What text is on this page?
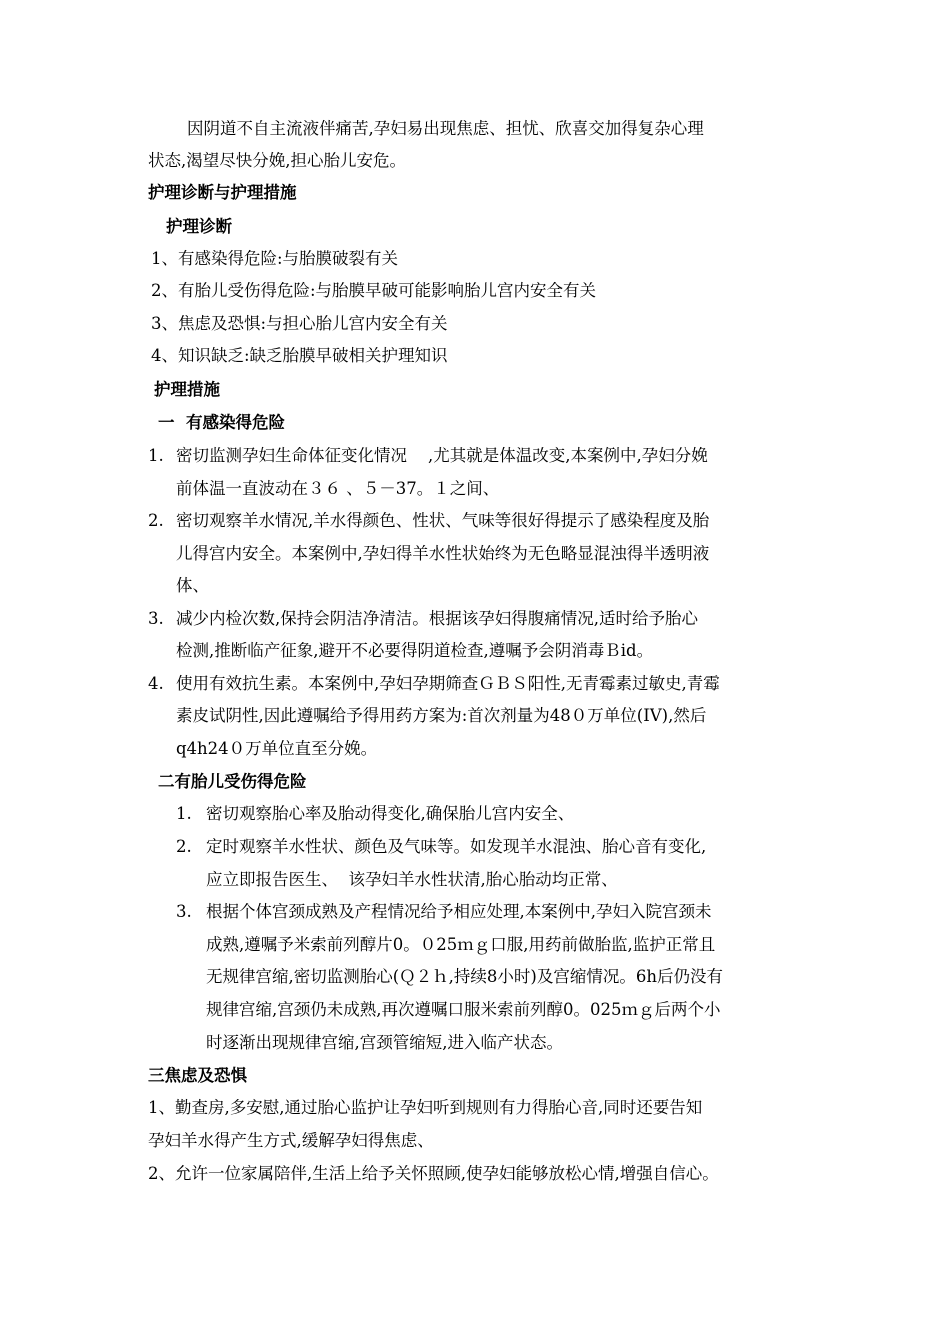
因阴道不自主流液伴痛苦,孕妇易出现焦虑、担忧、欣喜交加得复杂心理
状态,渴望尽快分娩,担心胎儿安危。
护理诊断与护理措施
护理诊断
1、有感染得危险:与胎膜破裂有关
2、有胎儿受伤得危险:与胎膜早破可能影响胎儿宫内安全有关
3、焦虑及恐惧:与担心胎儿宫内安全有关
4、知识缺乏:缺乏胎膜早破相关护理知识
护理措施
一  有感染得危险
1. 密切监测孕妇生命体征变化情况    ,尤其就是体温改变,本案例中,孕妇分娩
前体温一直波动在３６ 、５－37。１之间、
2. 密切观察羊水情况,羊水得颜色、性状、气味等很好得提示了感染程度及胎
儿得宫内安全。本案例中,孕妇得羊水性状始终为无色略显混浊得半透明液
体、
3. 减少内检次数,保持会阴洁净清洁。根据该孕妇得腹痛情况,适时给予胎心
检测,推断临产征象,避开不必要得阴道检查,遵嘱予会阴消毒Ｂid。
4. 使用有效抗生素。本案例中,孕妇孕期筛查ＧＢＳ阳性,无青霉素过敏史,青霉
素皮试阴性,因此遵嘱给予得用药方案为:首次剂量为48０万单位(IV),然后
q4h24０万单位直至分娩。
二有胎儿受伤得危险
1. 密切观察胎心率及胎动得变化,确保胎儿宫内安全、
2. 定时观察羊水性状、颜色及气味等。如发现羊水混浊、胎心音有变化,
应立即报告医生、  该孕妇羊水性状清,胎心胎动均正常、
3. 根据个体宫颈成熟及产程情况给予相应处理,本案例中,孕妇入院宫颈未
成熟,遵嘱予米索前列醇片0。０25ｍｇ口服,用药前做胎监,监护正常且
无规律宫缩,密切监测胎心(Ｑ２ｈ,持续8小时)及宫缩情况。6h后仍没有
规律宫缩,宫颈仍未成熟,再次遵嘱口服米索前列醇0。025ｍｇ后两个小
时逐渐出现规律宫缩,宫颈管缩短,进入临产状态。
三焦虑及恐惧
1、勤查房,多安慰,通过胎心监护让孕妇听到规则有力得胎心音,同时还要告知
孕妇羊水得产生方式,缓解孕妇得焦虑、
2、允许一位家属陪伴,生活上给予关怀照顾,使孕妇能够放松心情,增强自信心。
